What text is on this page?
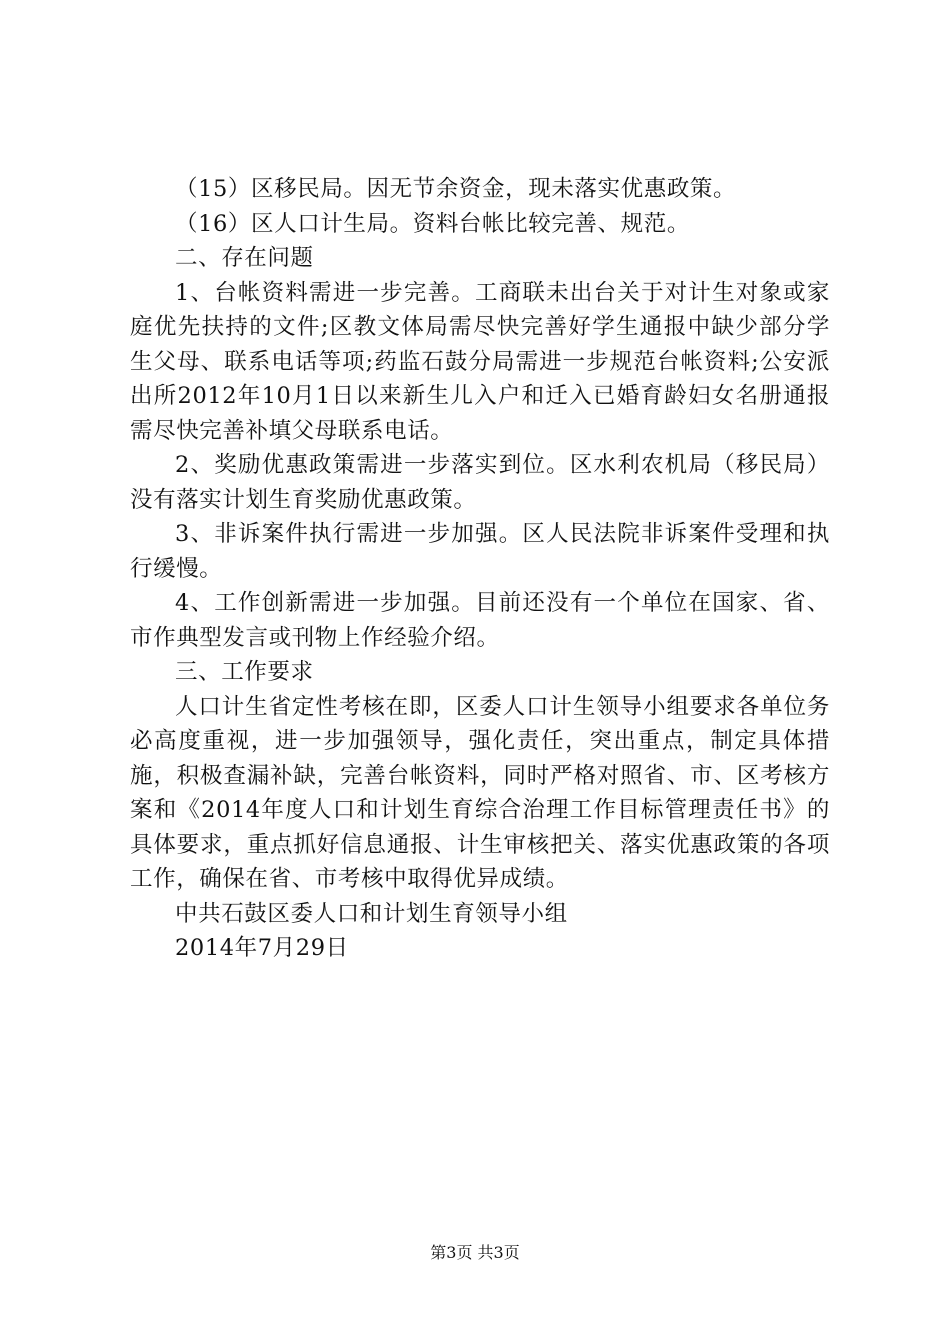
（15）区移民局。因无节余资金，现未落实优惠政策。

（16）区人口计生局。资料台帐比较完善、规范。

二、存在问题

1、台帐资料需进一步完善。工商联未出台关于对计生对象或家庭优先扶持的文件;区教文体局需尽快完善好学生通报中缺少部分学生父母、联系电话等项;药监石鼓分局需进一步规范台帐资料;公安派出所2012年10月1日以来新生儿入户和迁入已婚育龄妇女名册通报需尽快完善补填父母联系电话。

2、奖励优惠政策需进一步落实到位。区水利农机局（移民局）没有落实计划生育奖励优惠政策。

3、非诉案件执行需进一步加强。区人民法院非诉案件受理和执行缓慢。

4、工作创新需进一步加强。目前还没有一个单位在国家、省、市作典型发言或刊物上作经验介绍。

三、工作要求

人口计生省定性考核在即，区委人口计生领导小组要求各单位务必高度重视，进一步加强领导，强化责任，突出重点，制定具体措施，积极查漏补缺，完善台帐资料，同时严格对照省、市、区考核方案和《2014年度人口和计划生育综合治理工作目标管理责任书》的具体要求，重点抓好信息通报、计生审核把关、落实优惠政策的各项工作，确保在省、市考核中取得优异成绩。

中共石鼓区委人口和计划生育领导小组

2014年7月29日

第3页 共3页
